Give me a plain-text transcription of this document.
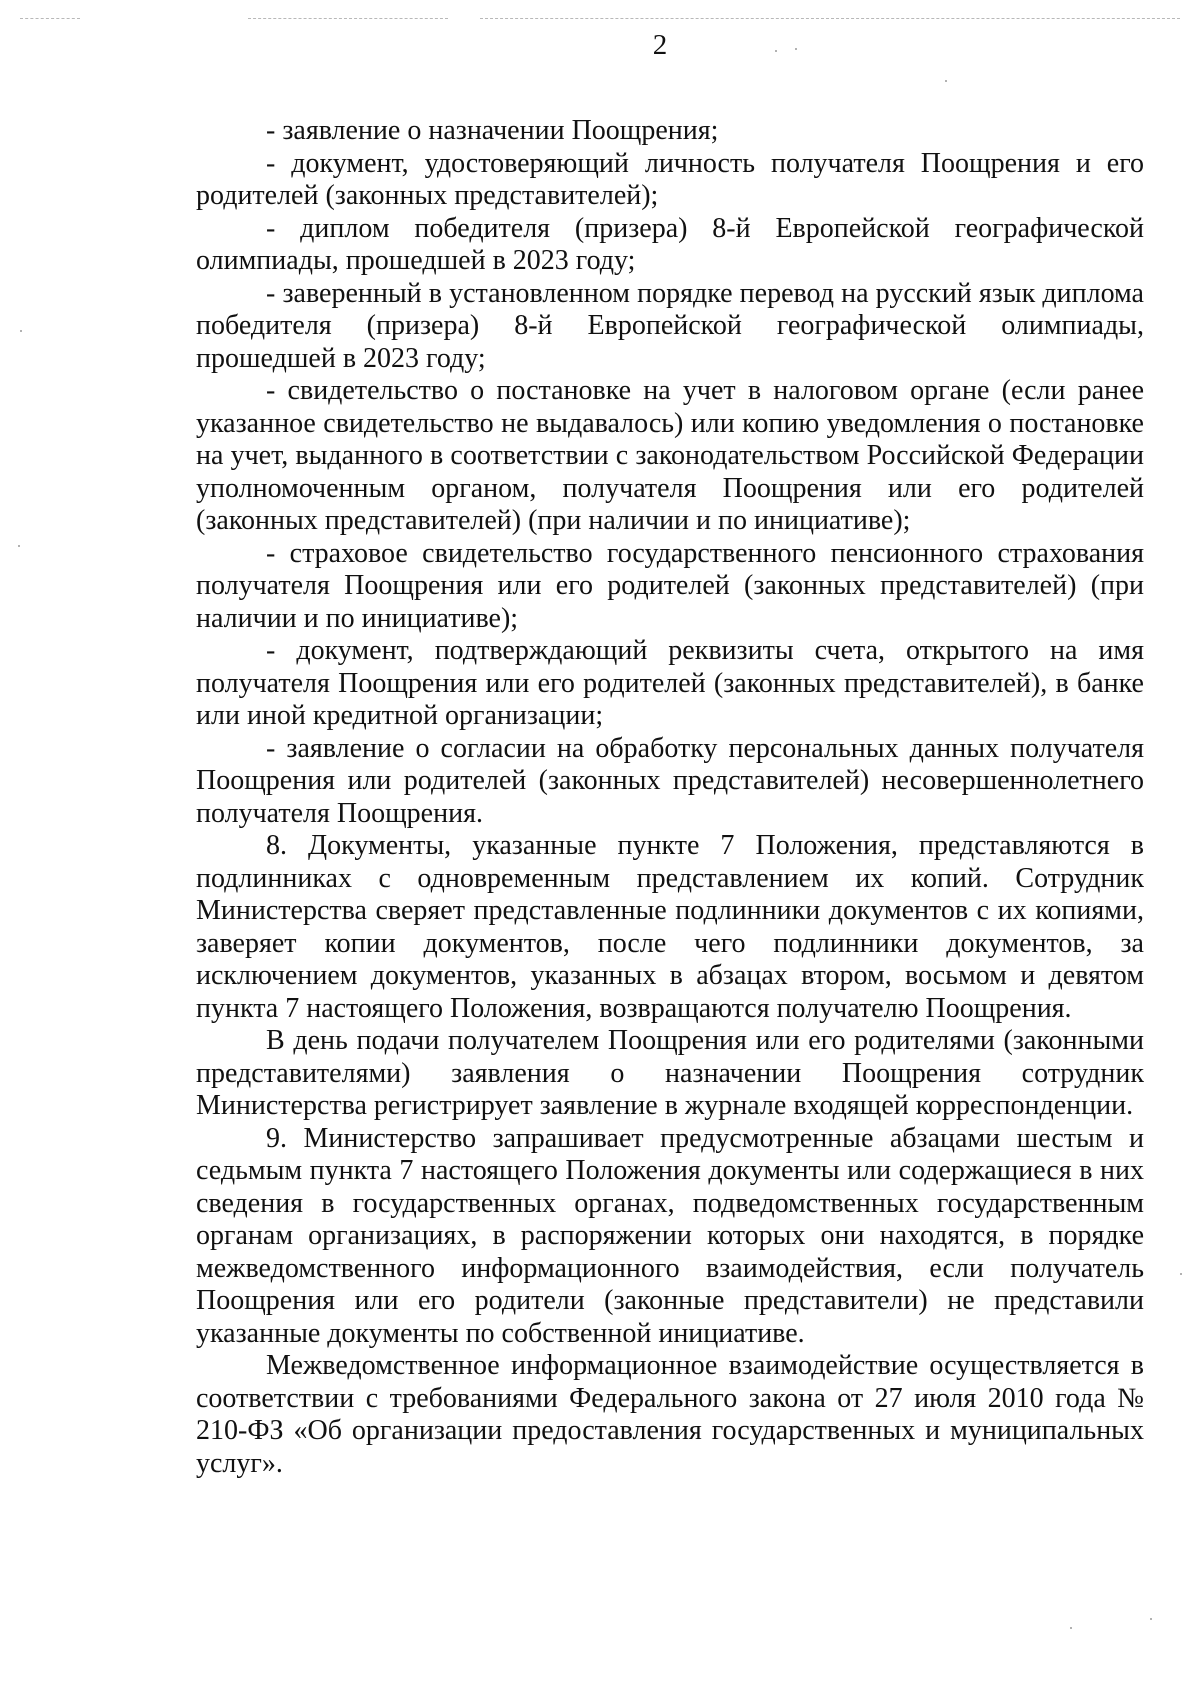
2

- заявление о назначении Поощрения;

- документ, удостоверяющий личность получателя Поощрения и его родителей (законных представителей);

- диплом победителя (призера) 8-й Европейской географической олимпиады, прошедшей в 2023 году;

- заверенный в установленном порядке перевод на русский язык диплома победителя (призера) 8-й Европейской географической олимпиады, прошедшей в 2023 году;

- свидетельство о постановке на учет в налоговом органе (если ранее указанное свидетельство не выдавалось) или копию уведомления о постановке на учет, выданного в соответствии с законодательством Российской Федерации уполномоченным органом, получателя Поощрения или его родителей (законных представителей) (при наличии и по инициативе);

- страховое свидетельство государственного пенсионного страхования получателя Поощрения или его родителей (законных представителей) (при наличии и по инициативе);

- документ, подтверждающий реквизиты счета, открытого на имя получателя Поощрения или его родителей (законных представителей), в банке или иной кредитной организации;

- заявление о согласии на обработку персональных данных получателя Поощрения или родителей (законных представителей) несовершеннолетнего получателя Поощрения.

8. Документы, указанные пункте 7 Положения, представляются в подлинниках с одновременным представлением их копий. Сотрудник Министерства сверяет представленные подлинники документов с их копиями, заверяет копии документов, после чего подлинники документов, за исключением документов, указанных в абзацах втором, восьмом и девятом пункта 7 настоящего Положения, возвращаются получателю Поощрения.

В день подачи получателем Поощрения или его родителями (законными представителями) заявления о назначении Поощрения сотрудник Министерства регистрирует заявление в журнале входящей корреспонденции.

9. Министерство запрашивает предусмотренные абзацами шестым и седьмым пункта 7 настоящего Положения документы или содержащиеся в них сведения в государственных органах, подведомственных государственным органам организациях, в распоряжении которых они находятся, в порядке межведомственного информационного взаимодействия, если получатель Поощрения или его родители (законные представители) не представили указанные документы по собственной инициативе.

Межведомственное информационное взаимодействие осуществляется в соответствии с требованиями Федерального закона от 27 июля 2010 года № 210-ФЗ «Об организации предоставления государственных и муниципальных услуг».
